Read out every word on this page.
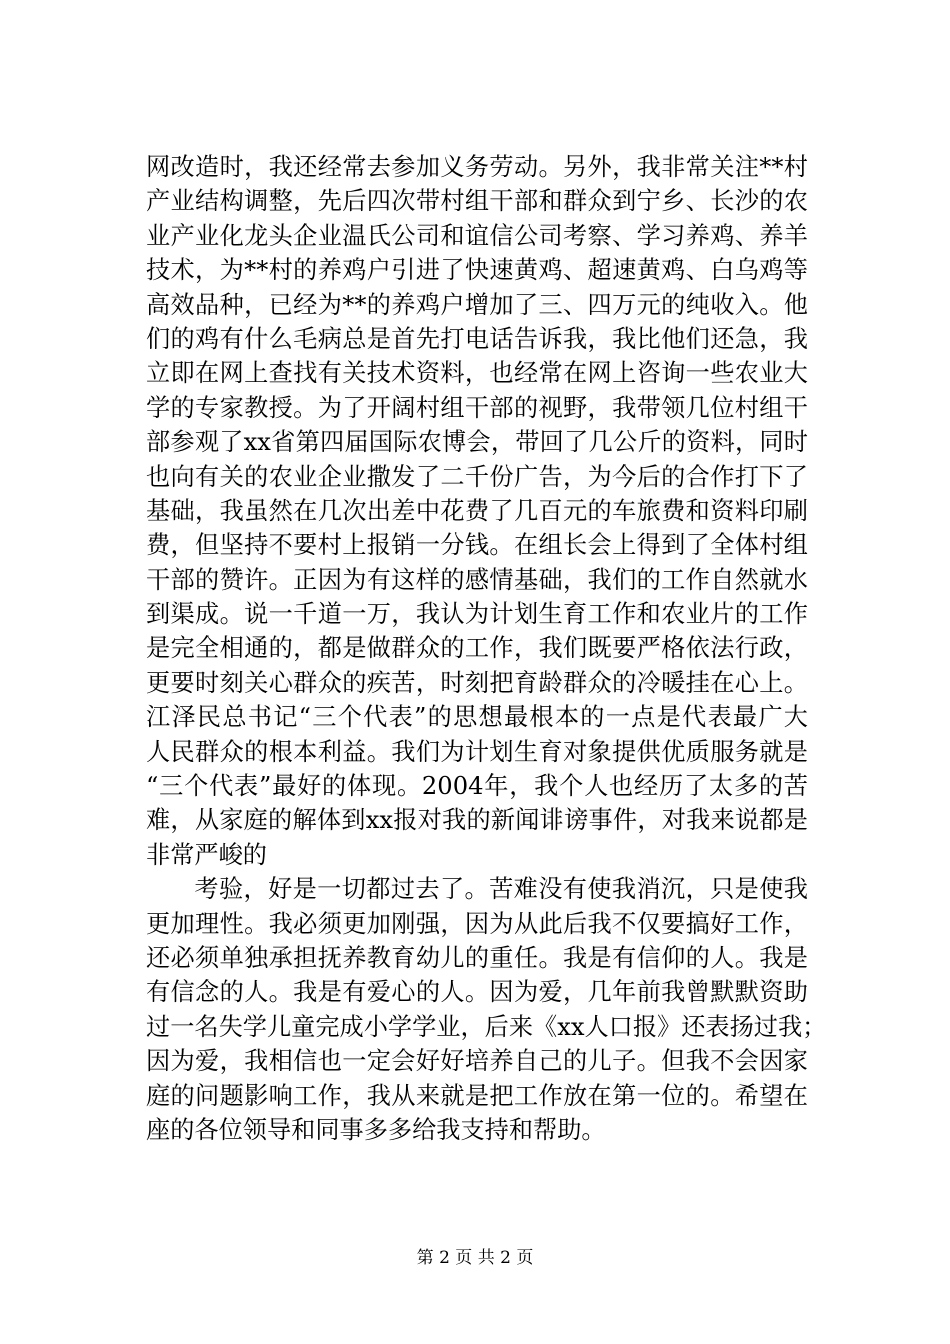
网改造时，我还经常去参加义务劳动。另外，我非常关注**村
产业结构调整，先后四次带村组干部和群众到宁乡、长沙的农
业产业化龙头企业温氏公司和谊信公司考察、学习养鸡、养羊
技术，为**村的养鸡户引进了快速黄鸡、超速黄鸡、白乌鸡等
高效品种，已经为**的养鸡户增加了三、四万元的纯收入。他
们的鸡有什么毛病总是首先打电话告诉我，我比他们还急，我
立即在网上查找有关技术资料，也经常在网上咨询一些农业大
学的专家教授。为了开阔村组干部的视野，我带领几位村组干
部参观了xx省第四届国际农博会，带回了几公斤的资料，同时
也向有关的农业企业撒发了二千份广告，为今后的合作打下了
基础，我虽然在几次出差中花费了几百元的车旅费和资料印刷
费，但坚持不要村上报销一分钱。在组长会上得到了全体村组
干部的赞许。正因为有这样的感情基础，我们的工作自然就水
到渠成。说一千道一万，我认为计划生育工作和农业片的工作
是完全相通的，都是做群众的工作，我们既要严格依法行政，
更要时刻关心群众的疾苦，时刻把育龄群众的冷暖挂在心上。
江泽民总书记“三个代表”的思想最根本的一点是代表最广大
人民群众的根本利益。我们为计划生育对象提供优质服务就是
“三个代表”最好的体现。2004年，我个人也经历了太多的苦
难，从家庭的解体到xx报对我的新闻诽谤事件，对我来说都是
非常严峻的
考验，好是一切都过去了。苦难没有使我消沉，只是使我
更加理性。我必须更加刚强，因为从此后我不仅要搞好工作，
还必须单独承担抚养教育幼儿的重任。我是有信仰的人。我是
有信念的人。我是有爱心的人。因为爱，几年前我曾默默资助
过一名失学儿童完成小学学业，后来《xx人口报》还表扬过我；
因为爱，我相信也一定会好好培养自己的儿子。但我不会因家
庭的问题影响工作，我从来就是把工作放在第一位的。希望在
座的各位领导和同事多多给我支持和帮助。
第 2 页 共 2 页
